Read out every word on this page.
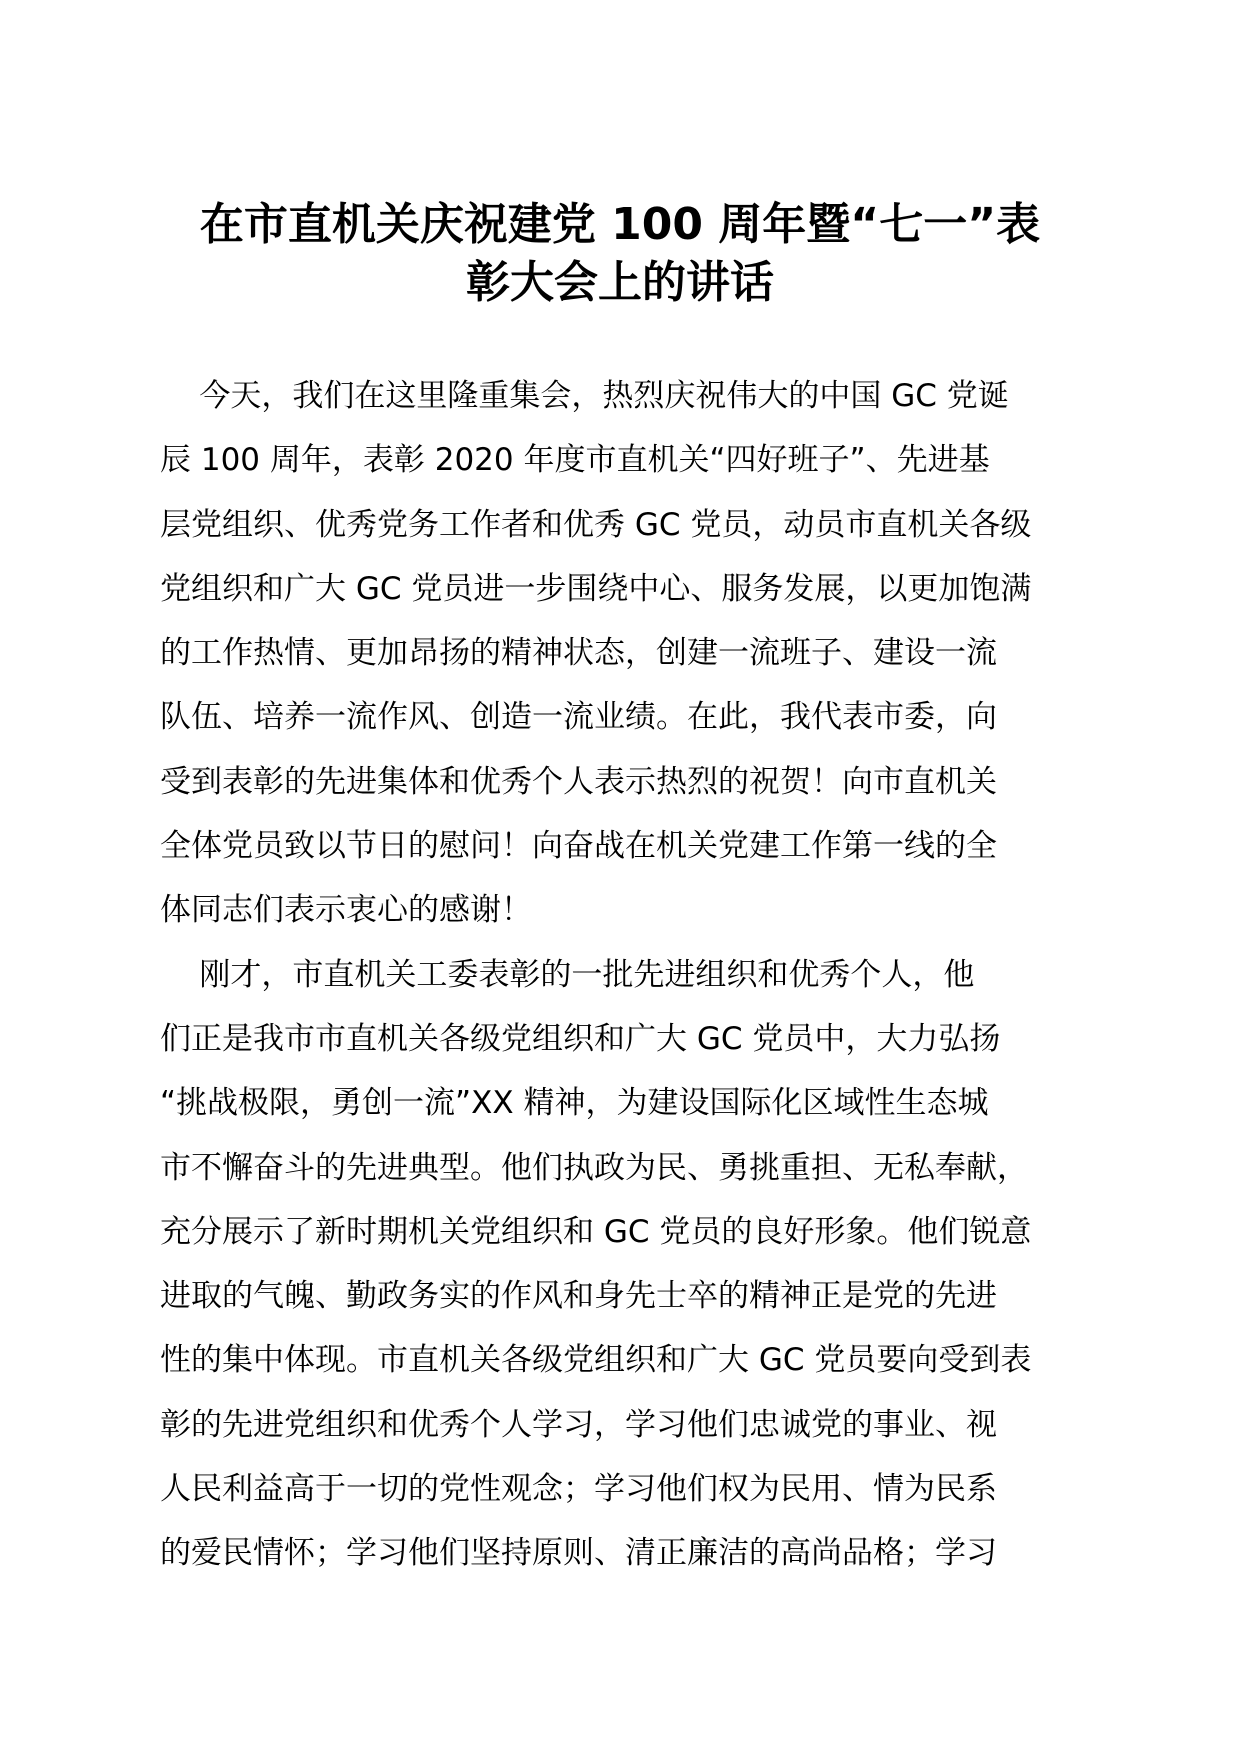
在市直机关庆祝建党 100 周年暨“七一”表
彰大会上的讲话
今天，我们在这里隆重集会，热烈庆祝伟大的中国 GC 党诞
辰 100 周年，表彰 2020 年度市直机关“四好班子”、先进基
层党组织、优秀党务工作者和优秀 GC 党员，动员市直机关各级
党组织和广大 GC 党员进一步围绕中心、服务发展，以更加饱满
的工作热情、更加昂扬的精神状态，创建一流班子、建设一流
队伍、培养一流作风、创造一流业绩。在此，我代表市委，向
受到表彰的先进集体和优秀个人表示热烈的祝贺！向市直机关
全体党员致以节日的慰问！向奋战在机关党建工作第一线的全
体同志们表示衷心的感谢！
刚才，市直机关工委表彰的一批先进组织和优秀个人，他
们正是我市市直机关各级党组织和广大 GC 党员中，大力弘扬
“挑战极限，勇创一流”XX 精神，为建设国际化区域性生态城
市不懈奋斗的先进典型。他们执政为民、勇挑重担、无私奉献，
充分展示了新时期机关党组织和 GC 党员的良好形象。他们锐意
进取的气魄、勤政务实的作风和身先士卒的精神正是党的先进
性的集中体现。市直机关各级党组织和广大 GC 党员要向受到表
彰的先进党组织和优秀个人学习，学习他们忠诚党的事业、视
人民利益高于一切的党性观念；学习他们权为民用、情为民系
的爱民情怀；学习他们坚持原则、清正廉洁的高尚品格；学习
